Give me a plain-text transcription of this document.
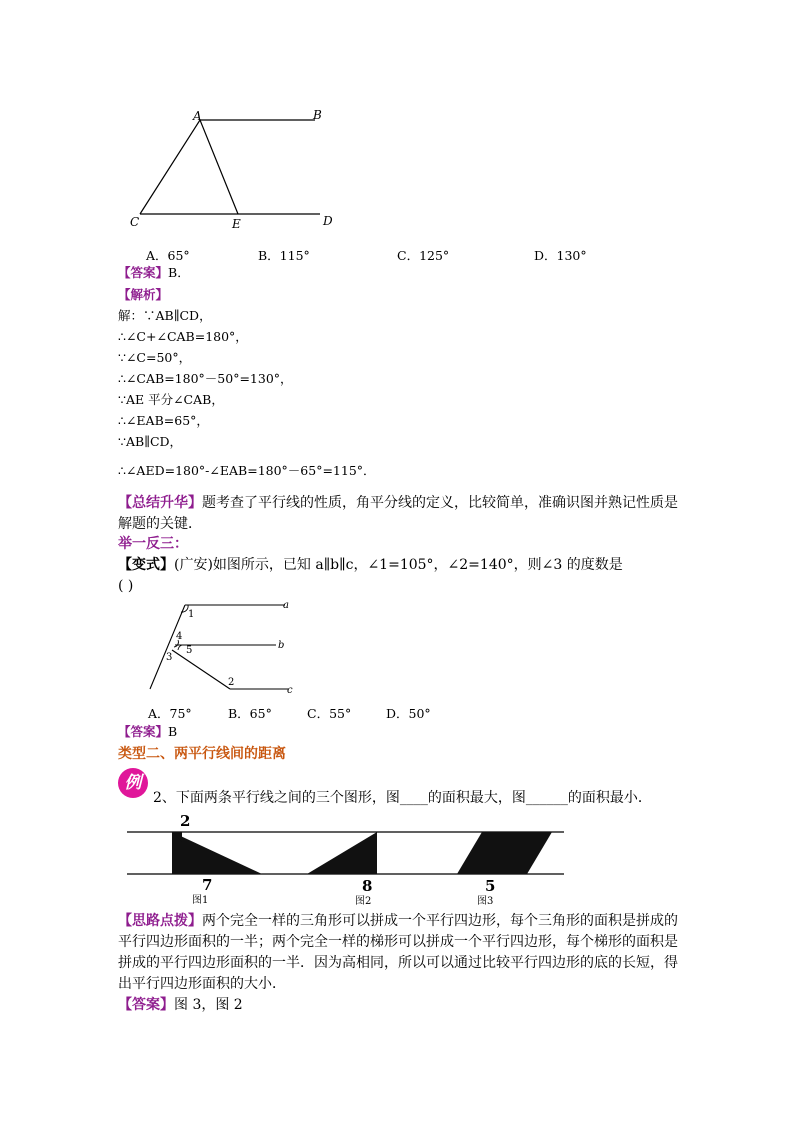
A	B
C	E	D
A．65°	B．115°	C．125°	D．130°
【答案】B．
【解析】
解：∵AB∥CD，
∴∠C+∠CAB=180°，
∵∠C=50°，
∴∠CAB=180°－50°=130°，
∵AE 平分∠CAB，
∴∠EAB=65°，
∵AB∥CD，
∴∠AED=180°-∠EAB=180°－65°=115°．
【总结升华】题考查了平行线的性质，角平分线的定义，比较简单，准确识图并熟记性质是
解题的关键．
举一反三：
【变式】(广安)如图所示，已知 a∥b∥c，∠1=105°，∠2=140°，则∠3 的度数是
( )
a
b
c
1
4
5
3
2
A．75°	B．65°	C．55°	D．50°
【答案】B
类型二、两平行线间的距离
例
2、下面两条平行线之间的三个图形，图____的面积最大，图______的面积最小．
2
7	8	5
图1	图2	图3
【思路点拨】两个完全一样的三角形可以拼成一个平行四边形，每个三角形的面积是拼成的
平行四边形面积的一半；两个完全一样的梯形可以拼成一个平行四边形，每个梯形的面积是
拼成的平行四边形面积的一半．因为高相同，所以可以通过比较平行四边形的底的长短，得
出平行四边形面积的大小．
【答案】图 3，图 2
